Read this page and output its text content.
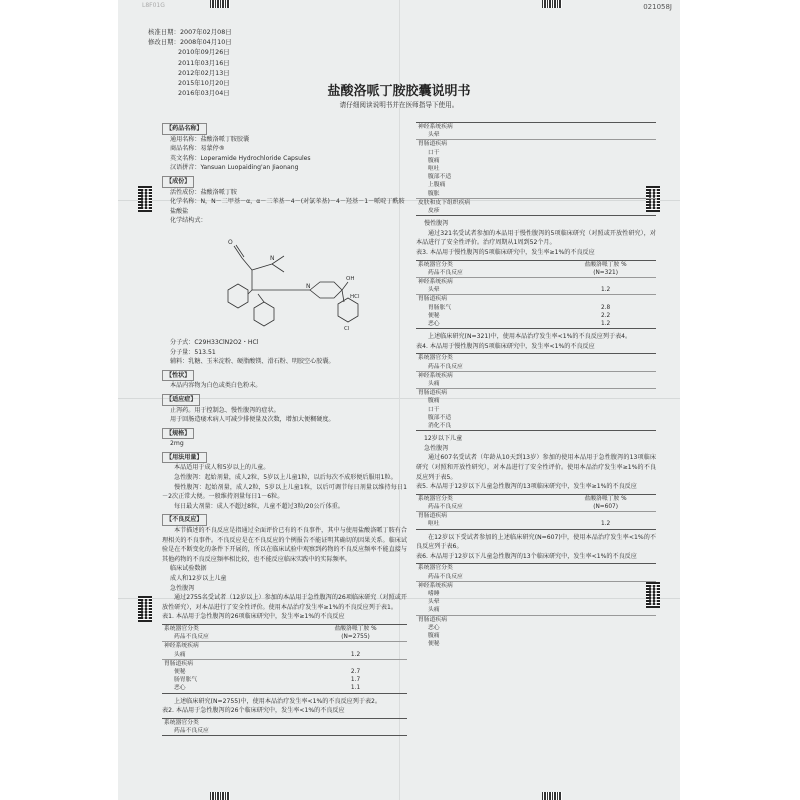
L8F01G	021058J
核准日期：2007年02月08日
修改日期：2008年04月10日
2010年09月26日
2011年03月16日
2012年02月13日
2015年10月20日
2016年03月04日	盐酸洛哌丁胺胶囊说明书
请仔细阅读说明书并在医师指导下使用。
【药品名称】
通用名称：盐酸洛哌丁胺胶囊
商品名称：易蒙停®
英文名称：Loperamide Hydrochloride Capsules
汉语拼音：Yansuan Luopaiding'an Jiaonang
【成份】
活性成份：盐酸洛哌丁胺
化学名称：N，N－二甲基－α，α－二苯基－4－(对氯苯基)－4－羟基－1－哌啶丁酰胺盐酸盐
化学结构式：
O
N
N
OH
Cl
HCl
分子式：C29H33ClN2O2・HCl
分子量：513.51
辅料：乳糖、玉米淀粉、硬脂酸镁、滑石粉、明胶空心胶囊。
【性状】
本品内容物为白色或类白色粉末。
【适应症】
止泻药。用于控制急、慢性腹泻的症状。
用于回肠造瘘术病人可减少排便量及次数，增加大便稠硬度。
【规格】
2mg
【用法用量】
本品适用于成人和5岁以上的儿童。
急性腹泻：起始剂量，成人2粒，5岁以上儿童1粒，以后每次不成形便后服用1粒。
慢性腹泻：起始剂量，成人2粒，5岁以上儿童1粒，以后可调节每日剂量以维持每日1－2次正常大便。一般维持剂量每日1－6粒。
每日最大剂量：成人不超过8粒，儿童不超过3粒/20公斤体重。
【不良反应】
本节描述的不良反应是指通过全面评价已有的不良事件，其中与使用盐酸洛哌丁胺有合理相关的不良事件。不良反应是在不良反应的个例报告不能证明其确切的因果关系。临床试验是在不断变化的条件下开展的，所以在临床试验中观察到药物的不良反应频率不能直接与其他药物的不良反应频率相比较，也不能反应临床实践中的实际频率。
临床试验数据
成人和12岁以上儿童
急性腹泻
通过2755名受试者（12岁以上）参加的本品用于急性腹泻的26项临床研究（对照或开放性研究），对本品进行了安全性评价。使用本品治疗发生率≥1%的不良反应列于表1。
表1. 本品用于急性腹泻的26项临床研究中，发生率≥1%的不良反应
系统器官分类	盐酸洛哌丁胺 %
药品不良反应	(N=2755)
神经系统疾病	
头痛	1.2
胃肠道疾病	
便秘	2.7
肠胃胀气	1.7
恶心	1.1
上述临床研究(N=2755)中，使用本品治疗发生率<1%的不良反应列于表2。
表2. 本品用于急性腹泻的26个临床研究中，发生率<1%的不良反应
系统器官分类	
药品不良反应	
神经系统疾病
头晕
胃肠道疾病
口干
腹痛
呕吐
腹部不适
上腹痛
腹胀
皮肤和皮下组织疾病
皮疹
慢性腹泻
通过321名受试者参加的本品用于慢性腹泻的5项临床研究（对照或开放性研究），对本品进行了安全性评价。治疗周期从1周到52个月。
表3. 本品用于慢性腹泻的5项临床研究中，发生率≥1%的不良反应
系统器官分类	盐酸洛哌丁胺 %
药品不良反应	(N=321)
神经系统疾病	
头晕	1.2
胃肠道疾病	
胃肠胀气	2.8
便秘	2.2
恶心	1.2
上述临床研究(N=321)中，使用本品治疗发生率<1%的不良反应列于表4。
表4. 本品用于慢性腹泻的5项临床研究中，发生率<1%的不良反应
系统器官分类
药品不良反应
神经系统疾病
头痛
胃肠道疾病
腹痛
口干
腹部不适
消化不良
12岁以下儿童
急性腹泻
通过607名受试者（年龄从10天到13岁）参加的使用本品用于急性腹泻的13项临床研究（对照和开放性研究），对本品进行了安全性评价。使用本品治疗发生率≥1%的不良反应列于表5。
表5. 本品用于12岁以下儿童急性腹泻的13项临床研究中，发生率≥1%的不良反应
系统器官分类	盐酸洛哌丁胺 %
药品不良反应	(N=607)
胃肠道疾病	
呕吐	1.2
在12岁以下受试者参加的上述临床研究(N=607)中，使用本品治疗发生率<1%的不良反应列于表6。
表6. 本品用于12岁以下儿童急性腹泻的13个临床研究中，发生率<1%的不良反应
系统器官分类
药品不良反应
神经系统疾病
嗜睡
头晕
头痛
胃肠道疾病
恶心
腹痛
便秘
